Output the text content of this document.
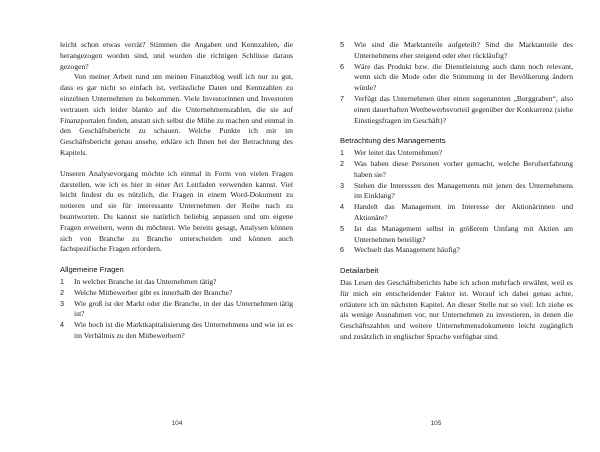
leicht schon etwas verrät? Stimmen die Angaben und Kennzahlen, die herangezogen worden sind, und wurden die richtigen Schlüsse daraus gezogen?

Von meiner Arbeit rund um meinen Finanzblog weiß ich nur zu gut, dass es gar nicht so einfach ist, verlässliche Daten und Kennzahlen zu einzelnen Unternehmen zu bekommen. Viele Investorinnen und Investoren vertrauen sich leider blanko auf die Unternehmenszahlen, die sie auf Finanzportalen finden, anstatt sich selbst die Mühe zu machen und einmal in den Geschäftsbericht zu schauen. Welche Punkte ich mir im Geschäftsbericht genau ansehe, erkläre ich Ihnen bei der Betrachtung des Kapitels.

Unseren Analysevorgang möchte ich einmal in Form von vielen Fragen darstellen, wie ich es hier in einer Art Leitfaden verwenden kannst. Viel leicht findest du es nützlich, die Fragen in einem Word-Dokument zu notieren und sie für interessante Unternehmen der Reihe nach zu beantworten. Du kannst sie natürlich beliebig anpassen und um eigene Fragen erweitern, wenn du möchtest. Wie bereits gesagt, Analysen können sich von Branche zu Branche unterscheiden und können auch fachspezifische Fragen erfordern.

Allgemeine Fragen
1 In welcher Branche ist das Unternehmen tätig?
2 Welche Mitbewerber gibt es innerhalb der Branche?
3 Wie groß ist der Markt oder die Branche, in der das Unternehmen tätig ist?
4 Wie hoch ist die Marktkapitalisierung des Unternehmens und wie ist es im Verhältnis zu den Mitbewerbern?
5 Wie sind die Marktanteile aufgeteilt? Sind die Marktanteile des Unternehmens eher steigend oder eher rückläufig?
6 Wäre das Produkt bzw. die Dienstleistung auch dann noch relevant, wenn sich die Mode oder die Stimmung in der Bevölkerung ändern würde?
7 Verfügt das Unternehmen über einen sogenannten „Burggraben“, also einen dauerhaften Wettbewerbsvorteil gegenüber der Konkurrenz (siehe Einstiegsfragen im Geschäft)?
Betrachtung des Managements
1 Wer leitet das Unternehmen?
2 Was haben diese Personen vorher gemacht, welche Berufserfahrung haben sie?
3 Stehen die Interessen des Managements mit jenen des Unternehmens im Einklang?
4 Handelt das Management im Interesse der Aktionärinnen und Aktionäre?
5 Ist das Management selbst in größerem Umfang mit Aktien am Unternehmen beteiligt?
6 Wechselt das Management häufig?
Detailarbeit

Das Lesen des Geschäftsberichts habe ich schon mehrfach erwähnt, weil es für mich ein entscheidender Faktor ist. Worauf ich dabei genau achte, erläutere ich im nächsten Kapitel. An dieser Stelle nur so viel: Ich ziehe es als wenige Ausnahmen vor, nur Unternehmen zu investieren, in denen die Geschäftszahlen und weitere Unternehmensdokumente leicht zugänglich und zusätzlich in englischer Sprache verfügbar sind.

104	105
